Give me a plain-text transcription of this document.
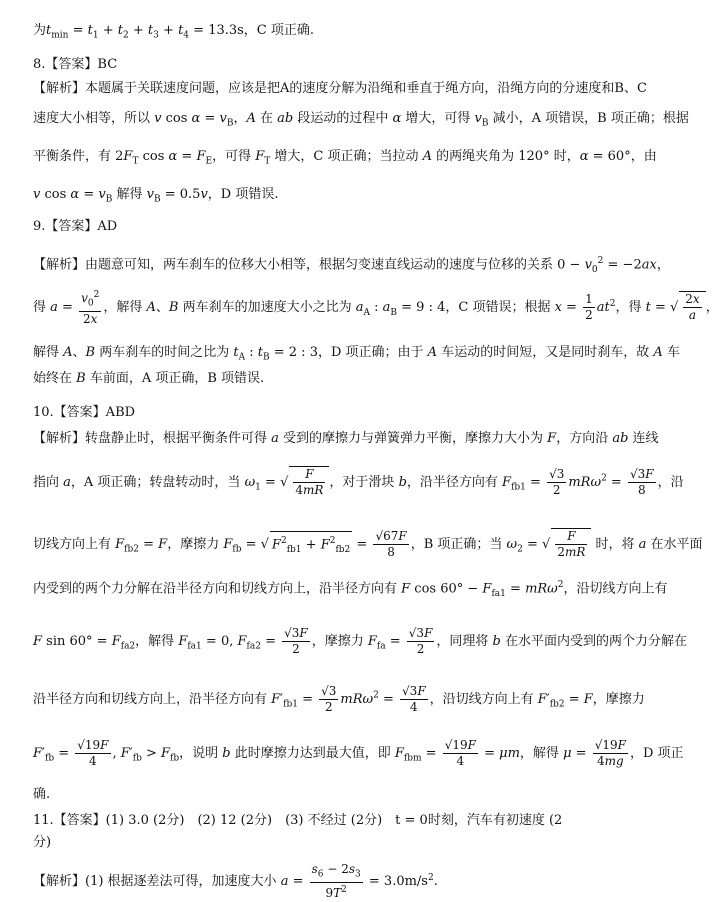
为$t_{min} = t_1 + t_2 + t_3 + t_4 = 13.3s$，C 项正确.
8.【答案】BC
【解析】本题属于关联速度问题，应该是把A的速度分解为沿绳和垂直于绳方向，沿绳方向的分速度和B、C
速度大小相等，所以 v $\cos \alpha = v_B$，A 在 ab 段运动的过程中 α 增大，可得 $v_B$ 减小，A 项错误，B 项正确；根据
平衡条件，有 $2F_T$ $\cos \alpha = F_E$，可得 $F_T$ 增大，C 项正确；当拉动 A 的两绳夹角为 120° 时，α = 60°，由
v $\cos \alpha = v_B$ 解得 $v_B = 0.5v$，D 项错误.
9.【答案】AD
【解析】由题意可知，两车刹车的位移大小相等，根据匀变速直线运动的速度与位移的关系 $0 - v_0^2 = -2ax$，
得 $a = \frac{v_0^2}{2x}$ ，解得 A、B 两车刹车的加速度大小之比为 $a_A$ : $a_B = 9$ : 4，C 项错误；根据 $x = \frac{1}{2} at^2$，得 t = √ $\frac{2x}{a}$ ，
解得 A、B 两车刹车的时间之比为 $t_A$ : $t_B = 2$ : 3，D 项正确；由于 A 车运动的时间短，又是同时刹车，故 A 车
始终在 B 车前面，A 项正确，B 项错误.
10.【答案】ABD
【解析】转盘静止时，根据平衡条件可得 a 受到的摩擦力与弹簧弹力平衡，摩擦力大小为 F，方向沿 ab 连线
指向 a，A 项正确；转盘转动时，当 $\omega_1$ = √ $\frac{F}{4mR}$ ，对于滑块 b，沿半径方向有 $F_{fb1} = \frac{√3}{2} mR\omega^2 = \frac{√3F}{8}$ ，沿
切线方向上有 $F_{fb2} = F$，摩擦力 $F_{fb}$ = √ $F^2_{fb1} + F^2_{fb2} = \frac{√67F}{8}$ ，B 项正确；当 $\omega_2$ = √ $\frac{F}{2mR}$ 时，将 a 在水平面
内受到的两个力分解在沿半径方向和切线方向上，沿半径方向有 F $\cos 60^\circ - F_{fa1} = mR\omega^2$，沿切线方向上有
F $\sin 60^\circ = F_{fa2}$，解得 $F_{fa1} = 0$, $F_{fa2} = \frac{√3F}{2}$ ，摩擦力 $F_{fa} = \frac{√3F}{2}$ ，同理将 b 在水平面内受到的两个力分解在
沿半径方向和切线方向上，沿半径方向有 $F'_{fb1} = \frac{√3}{2} mR\omega^2 = \frac{√3F}{4}$ ，沿切线方向上有 $F'_{fb2} = F$，摩擦力
$F'_{fb} = \frac{√19F}{4}$ , $F'_{fb} > F_{fb}$，说明 b 此时摩擦力达到最大值，即 $F_{fbm} = \frac{√19F}{4} = \mu m$，解得 $\mu = \frac{√19F}{4mg}$ ，D 项正
确.
11.【答案】(1) 3.0 (2分)　(2) 12 (2分)　(3) 不经过 (2分)　t = 0时刻，汽车有初速度 (2
分)
【解析】(1) 根据逐差法可得，加速度大小 $a = \frac{s_6 - 2s_3}{9T^2} = 3.0m/s^2$.
